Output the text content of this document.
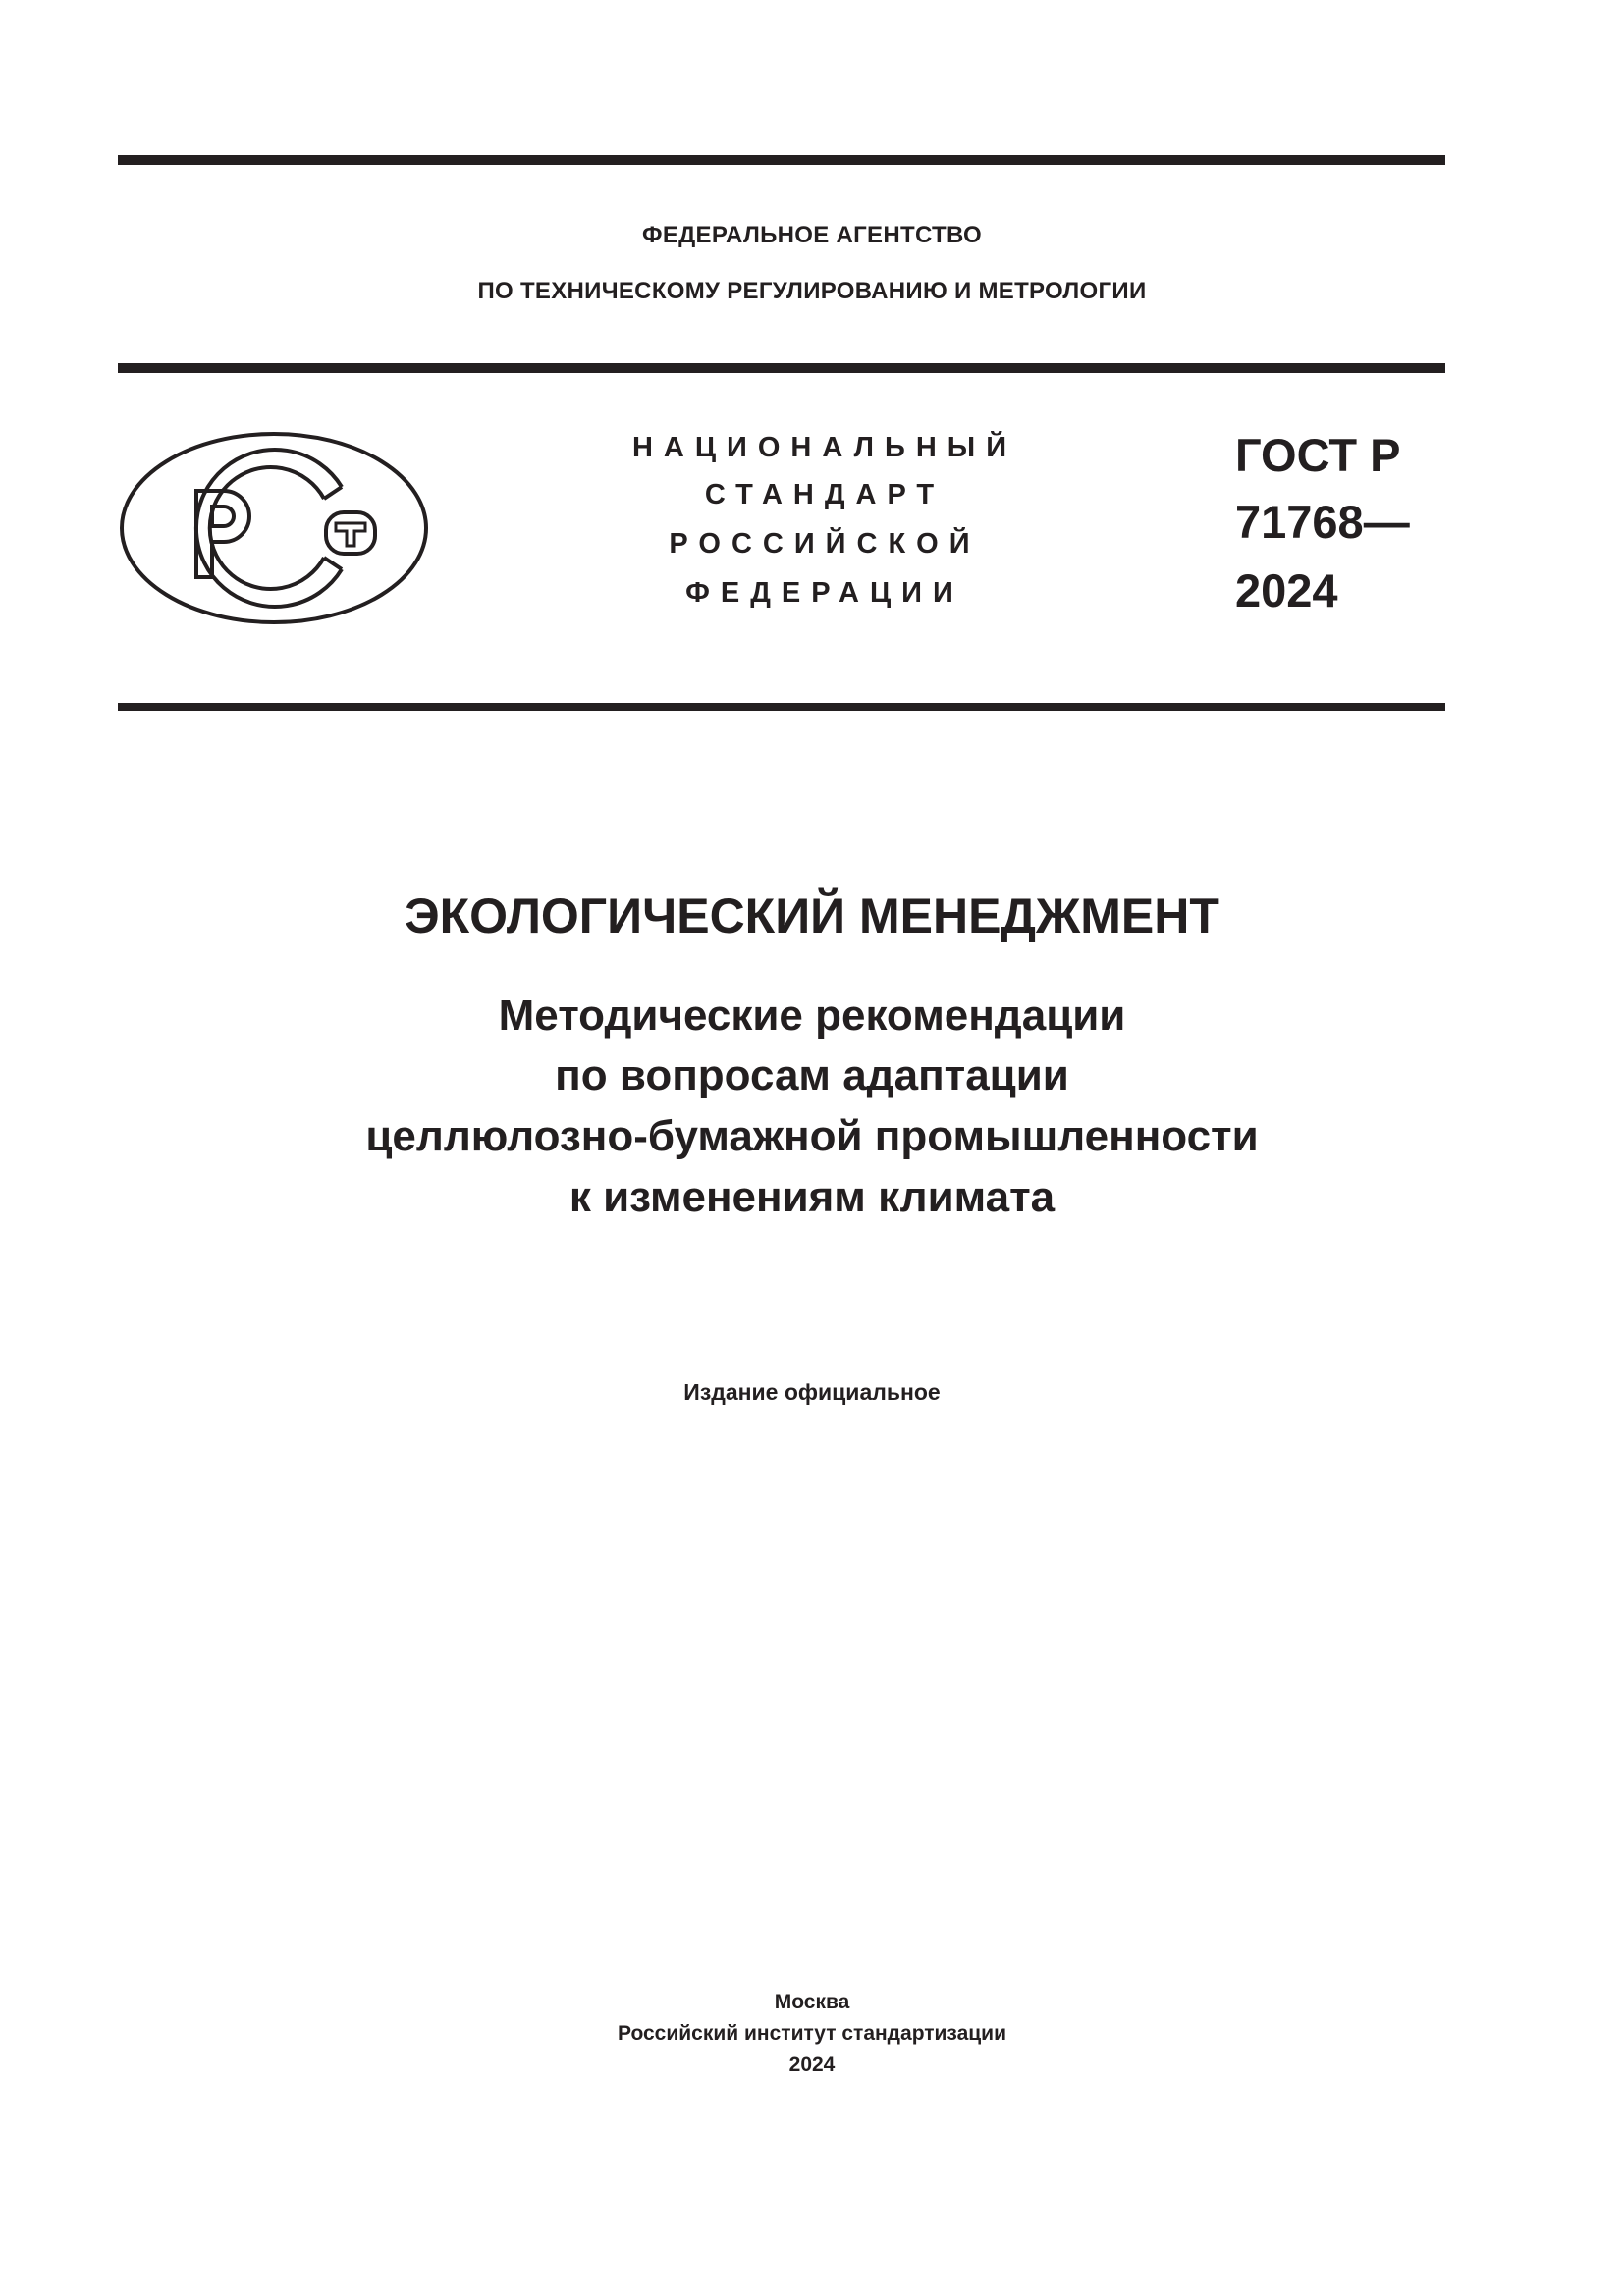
ФЕДЕРАЛЬНОЕ АГЕНТСТВО
ПО ТЕХНИЧЕСКОМУ РЕГУЛИРОВАНИЮ И МЕТРОЛОГИИ
НАЦИОНАЛЬНЫЙ
СТАНДАРТ
РОССИЙСКОЙ
ФЕДЕРАЦИИ
ГОСТ Р
71768—
2024
ЭКОЛОГИЧЕСКИЙ МЕНЕДЖМЕНТ
Методические рекомендации
по вопросам адаптации
целлюлозно-бумажной промышленности
к изменениям климата
Издание официальное
Москва
Российский институт стандартизации
2024
